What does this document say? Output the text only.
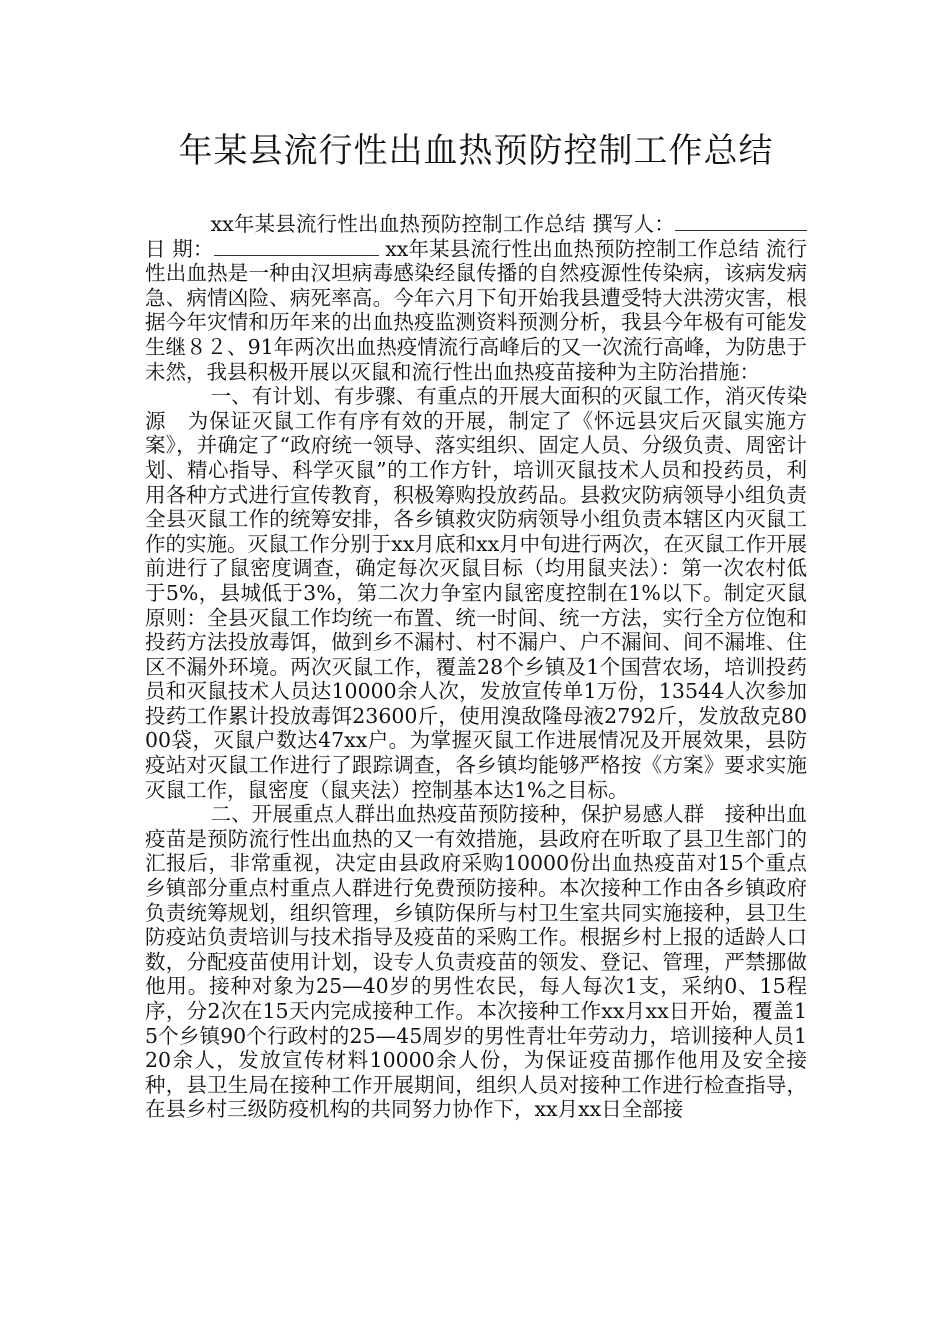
年某县流行性出血热预防控制工作总结

xx年某县流行性出血热预防控制工作总结 撰写人： 日 期：	xx年某县流行性出血热预防控制工作总结 流行性出血热是一种由汉坦病毒感染经鼠传播的自然疫源性传染病，该病发病急、病情凶险、病死率高。今年六月下旬开始我县遭受特大洪涝灾害，根据今年灾情和历年来的出血热疫监测资料预测分析，我县今年极有可能发生继８２、91年两次出血热疫情流行高峰后的又一次流行高峰，为防患于未然，我县积极开展以灭鼠和流行性出血热疫苗接种为主防治措施：

一、有计划、有步骤、有重点的开展大面积的灭鼠工作，消灭传染源　为保证灭鼠工作有序有效的开展，制定了《怀远县灾后灭鼠实施方案》，并确定了“政府统一领导、落实组织、固定人员、分级负责、周密计划、精心指导、科学灭鼠”的工作方针，培训灭鼠技术人员和投药员，利用各种方式进行宣传教育，积极筹购投放药品。县救灾防病领导小组负责全县灭鼠工作的统筹安排，各乡镇救灾防病领导小组负责本辖区内灭鼠工作的实施。灭鼠工作分别于xx月底和xx月中旬进行两次，在灭鼠工作开展前进行了鼠密度调查，确定每次灭鼠目标（均用鼠夹法）：第一次农村低于5%，县城低于3%，第二次力争室内鼠密度控制在1%以下。制定灭鼠原则：全县灭鼠工作均统一布置、统一时间、统一方法，实行全方位饱和投药方法投放毒饵，做到乡不漏村、村不漏户、户不漏间、间不漏堆、住区不漏外环境。两次灭鼠工作，覆盖28个乡镇及1个国营农场，培训投药员和灭鼠技术人员达10000余人次，发放宣传单1万份，13544人次参加投药工作累计投放毒饵23600斤，使用溴敌隆母液2792斤，发放敌克8000袋，灭鼠户数达47xx户。为掌握灭鼠工作进展情况及开展效果，县防疫站对灭鼠工作进行了跟踪调查，各乡镇均能够严格按《方案》要求实施灭鼠工作，鼠密度（鼠夹法）控制基本达1%之目标。

二、开展重点人群出血热疫苗预防接种，保护易感人群　接种出血疫苗是预防流行性出血热的又一有效措施，县政府在听取了县卫生部门的汇报后，非常重视，决定由县政府采购10000份出血热疫苗对15个重点乡镇部分重点村重点人群进行免费预防接种。本次接种工作由各乡镇政府负责统筹规划，组织管理，乡镇防保所与村卫生室共同实施接种，县卫生防疫站负责培训与技术指导及疫苗的采购工作。根据乡村上报的适龄人口数，分配疫苗使用计划，设专人负责疫苗的领发、登记、管理，严禁挪做他用。接种对象为25—40岁的男性农民，每人每次1支，采纳0、15程序，分2次在15天内完成接种工作。本次接种工作xx月xx日开始，覆盖15个乡镇90个行政村的25—45周岁的男性青壮年劳动力，培训接种人员120余人，发放宣传材料10000余人份，为保证疫苗挪作他用及安全接种，县卫生局在接种工作开展期间，组织人员对接种工作进行检查指导，在县乡村三级防疫机构的共同努力协作下，xx月xx日全部接
